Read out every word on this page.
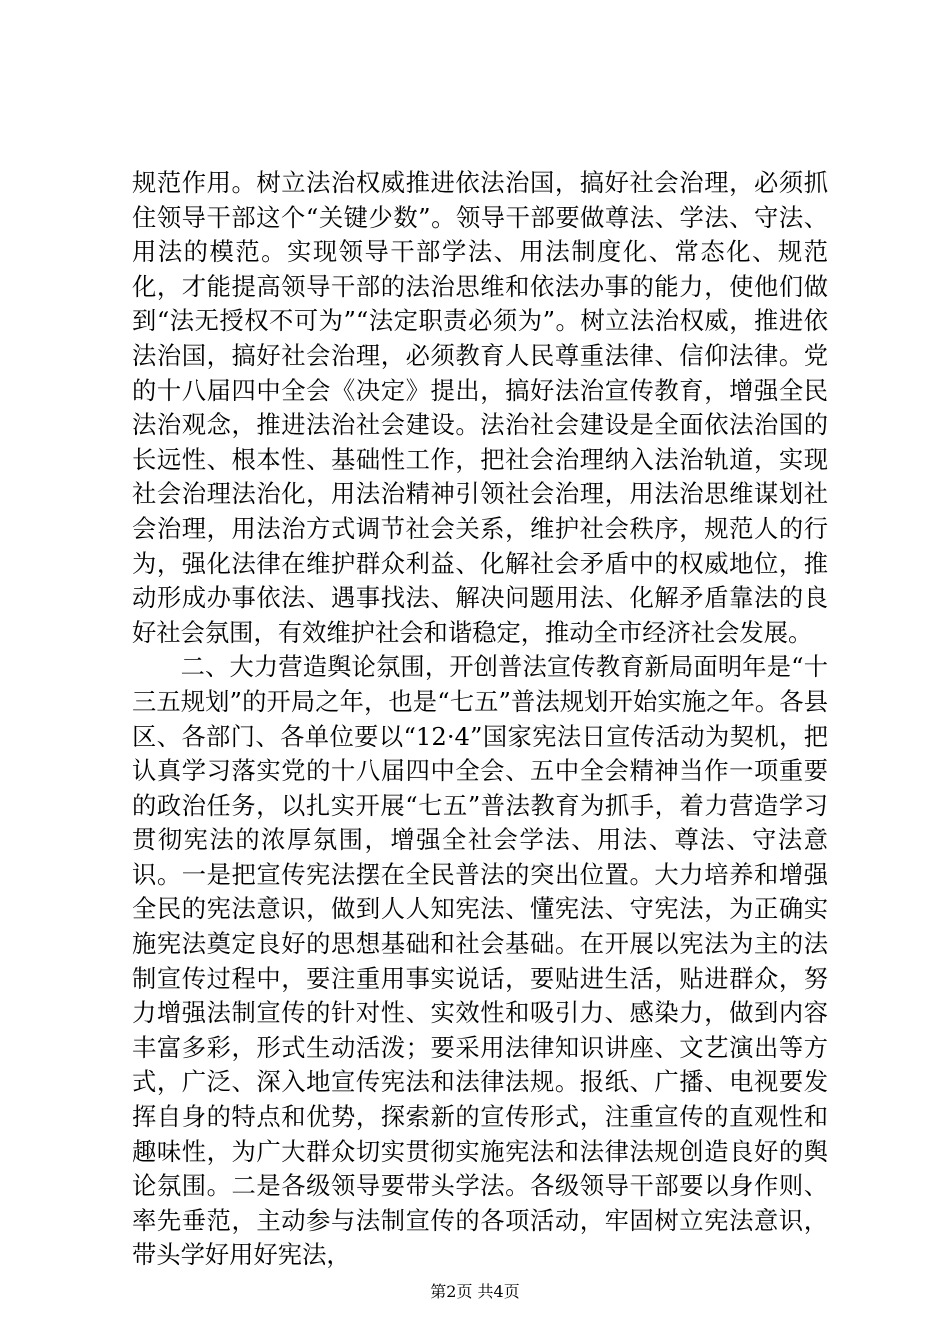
规范作用。树立法治权威推进依法治国，搞好社会治理，必须抓住领导干部这个“关键少数”。领导干部要做尊法、学法、守法、用法的模范。实现领导干部学法、用法制度化、常态化、规范化，才能提高领导干部的法治思维和依法办事的能力，使他们做到“法无授权不可为”“法定职责必须为”。树立法治权威，推进依法治国，搞好社会治理，必须教育人民尊重法律、信仰法律。党的十八届四中全会《决定》提出，搞好法治宣传教育，增强全民法治观念，推进法治社会建设。法治社会建设是全面依法治国的长远性、根本性、基础性工作，把社会治理纳入法治轨道，实现社会治理法治化，用法治精神引领社会治理，用法治思维谋划社会治理，用法治方式调节社会关系，维护社会秩序，规范人的行为，强化法律在维护群众利益、化解社会矛盾中的权威地位，推动形成办事依法、遇事找法、解决问题用法、化解矛盾靠法的良好社会氛围，有效维护社会和谐稳定，推动全市经济社会发展。

二、大力营造舆论氛围，开创普法宣传教育新局面明年是“十三五规划”的开局之年，也是“七五”普法规划开始实施之年。各县区、各部门、各单位要以“12·4”国家宪法日宣传活动为契机，把认真学习落实党的十八届四中全会、五中全会精神当作一项重要的政治任务，以扎实开展“七五”普法教育为抓手，着力营造学习贯彻宪法的浓厚氛围，增强全社会学法、用法、尊法、守法意识。一是把宣传宪法摆在全民普法的突出位置。大力培养和增强全民的宪法意识，做到人人知宪法、懂宪法、守宪法，为正确实施宪法奠定良好的思想基础和社会基础。在开展以宪法为主的法制宣传过程中，要注重用事实说话，要贴进生活，贴进群众，努力增强法制宣传的针对性、实效性和吸引力、感染力，做到内容丰富多彩，形式生动活泼；要采用法律知识讲座、文艺演出等方式，广泛、深入地宣传宪法和法律法规。报纸、广播、电视要发挥自身的特点和优势，探索新的宣传形式，注重宣传的直观性和趣味性，为广大群众切实贯彻实施宪法和法律法规创造良好的舆论氛围。二是各级领导要带头学法。各级领导干部要以身作则、率先垂范，主动参与法制宣传的各项活动，牢固树立宪法意识，带头学好用好宪法，

第2页 共4页
